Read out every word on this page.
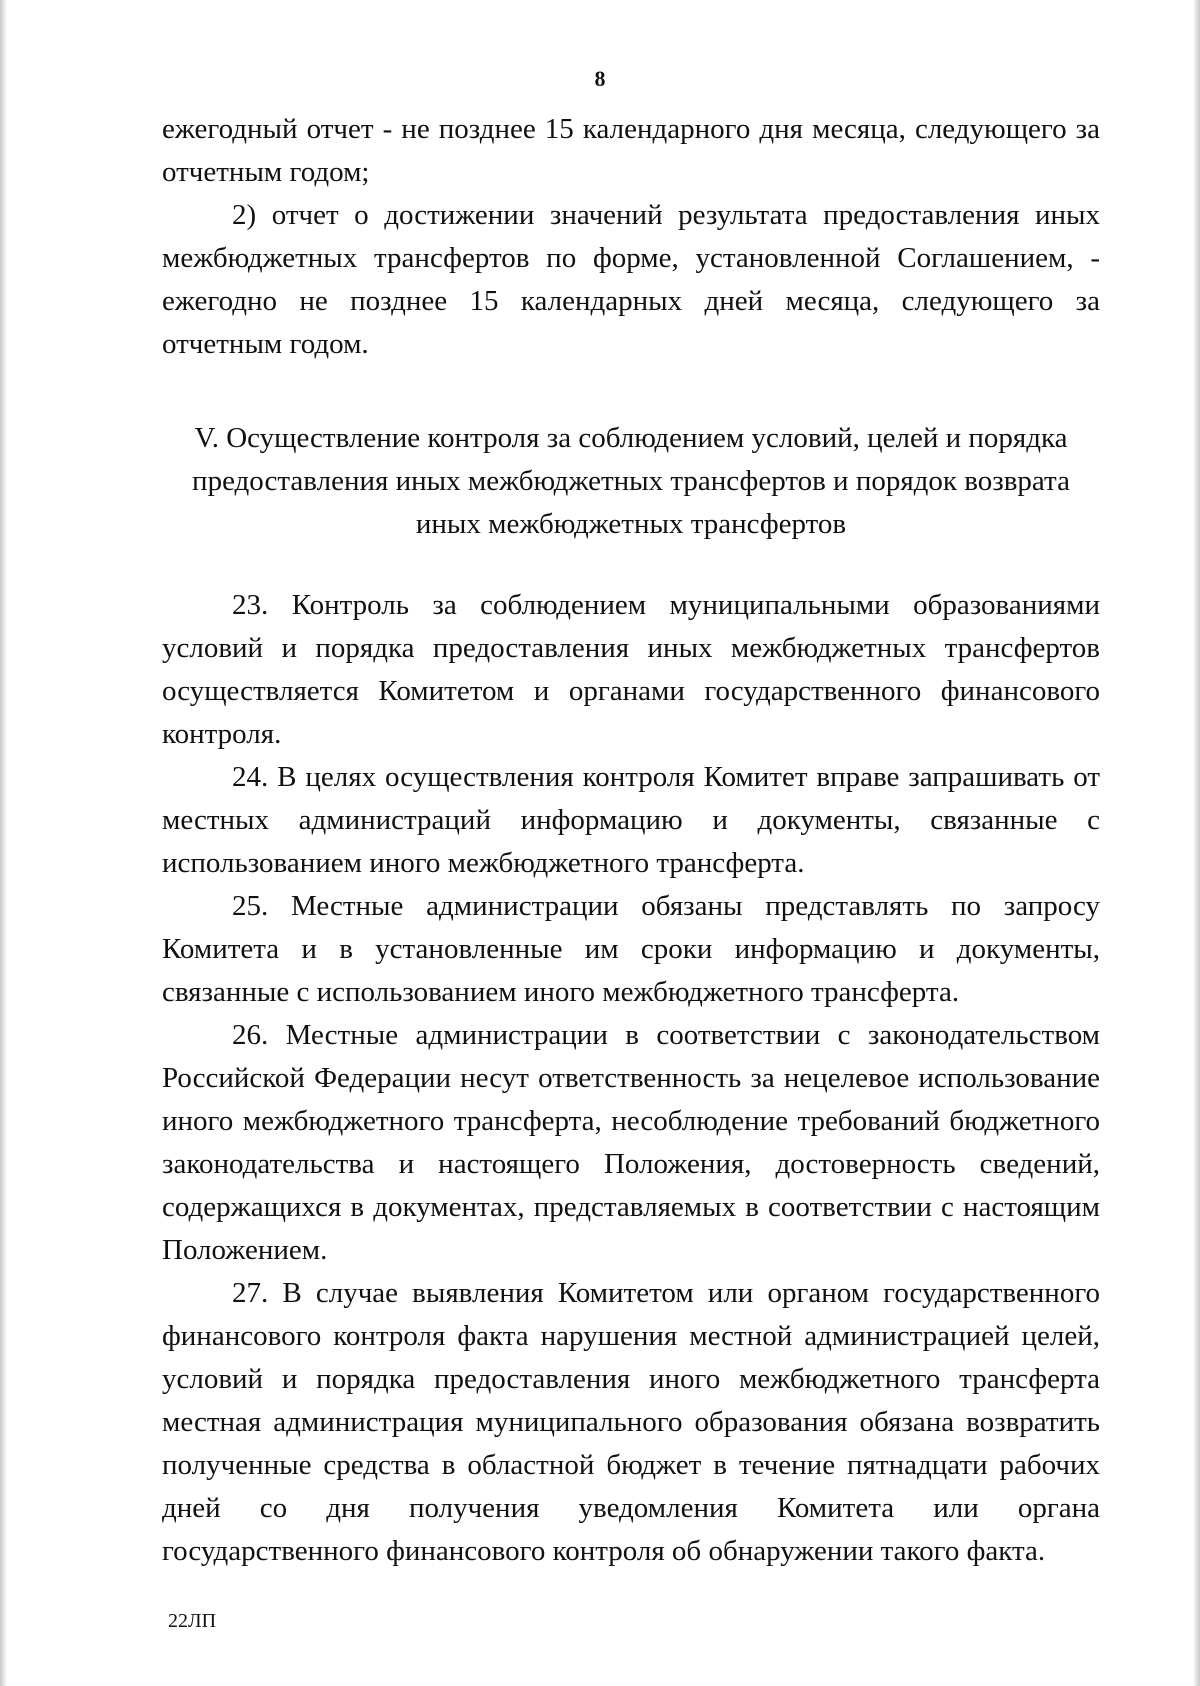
8

ежегодный отчет - не позднее 15 календарного дня месяца, следующего за отчетным годом;

2) отчет о достижении значений результата предоставления иных межбюджетных трансфертов по форме, установленной Соглашением, - ежегодно не позднее 15 календарных дней месяца, следующего за отчетным годом.

V. Осуществление контроля за соблюдением условий, целей и порядка предоставления иных межбюджетных трансфертов и порядок возврата иных межбюджетных трансфертов

23. Контроль за соблюдением муниципальными образованиями условий и порядка предоставления иных межбюджетных трансфертов осуществляется Комитетом и органами государственного финансового контроля.

24. В целях осуществления контроля Комитет вправе запрашивать от местных администраций информацию и документы, связанные с использованием иного межбюджетного трансферта.

25. Местные администрации обязаны представлять по запросу Комитета и в установленные им сроки информацию и документы, связанные с использованием иного межбюджетного трансферта.

26. Местные администрации в соответствии с законодательством Российской Федерации несут ответственность за нецелевое использование иного межбюджетного трансферта, несоблюдение требований бюджетного законодательства и настоящего Положения, достоверность сведений, содержащихся в документах, представляемых в соответствии с настоящим Положением.

27. В случае выявления Комитетом или органом государственного финансового контроля факта нарушения местной администрацией целей, условий и порядка предоставления иного межбюджетного трансферта местная администрация муниципального образования обязана возвратить полученные средства в областной бюджет в течение пятнадцати рабочих дней со дня получения уведомления Комитета или органа государственного финансового контроля об обнаружении такого факта.

22ЛП
